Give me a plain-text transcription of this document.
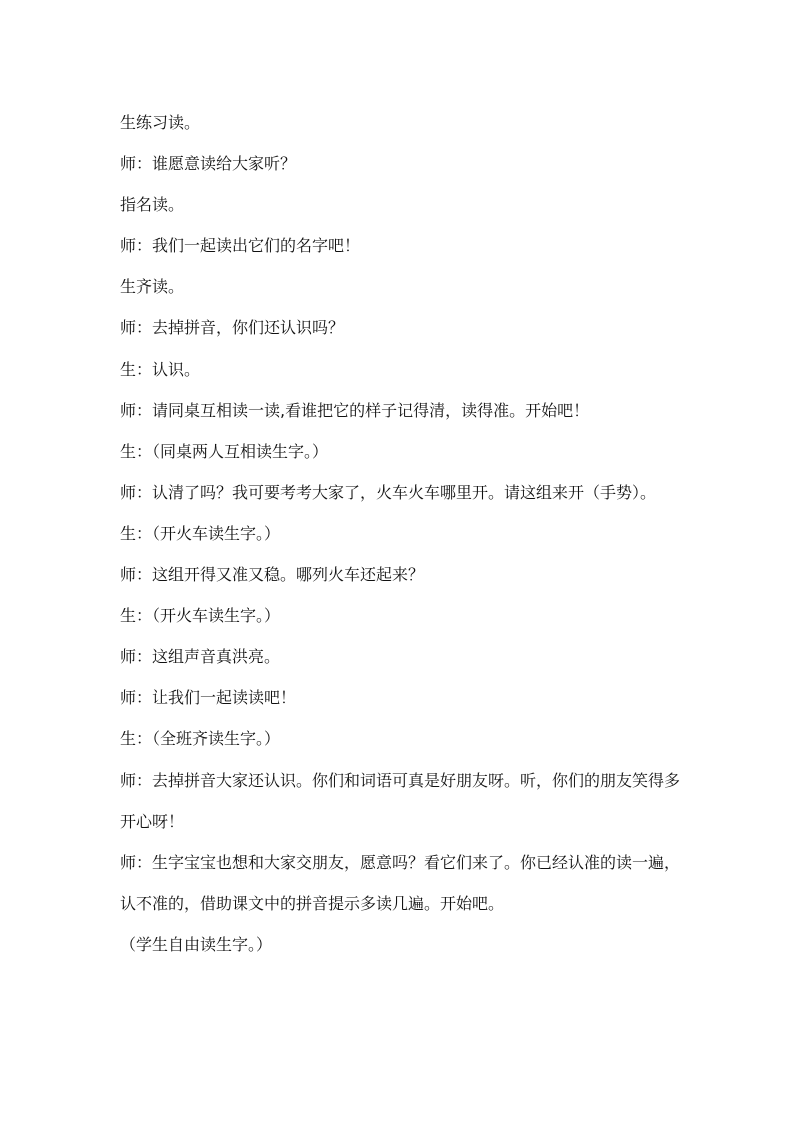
生练习读。

师：谁愿意读给大家听？

指名读。

师：我们一起读出它们的名字吧！

生齐读。

师：去掉拼音，你们还认识吗？

生：认识。

师：请同桌互相读一读,看谁把它的样子记得清，读得准。开始吧！

生：（同桌两人互相读生字。）

师：认清了吗？我可要考考大家了，火车火车哪里开。请这组来开（手势）。

生：（开火车读生字。）

师：这组开得又准又稳。哪列火车还起来？

生：（开火车读生字。）

师：这组声音真洪亮。

师：让我们一起读读吧！

生：（全班齐读生字。）

师：去掉拼音大家还认识。你们和词语可真是好朋友呀。听，你们的朋友笑得多开心呀！

师：生字宝宝也想和大家交朋友，愿意吗？看它们来了。你已经认准的读一遍，认不准的，借助课文中的拼音提示多读几遍。开始吧。

（学生自由读生字。）
